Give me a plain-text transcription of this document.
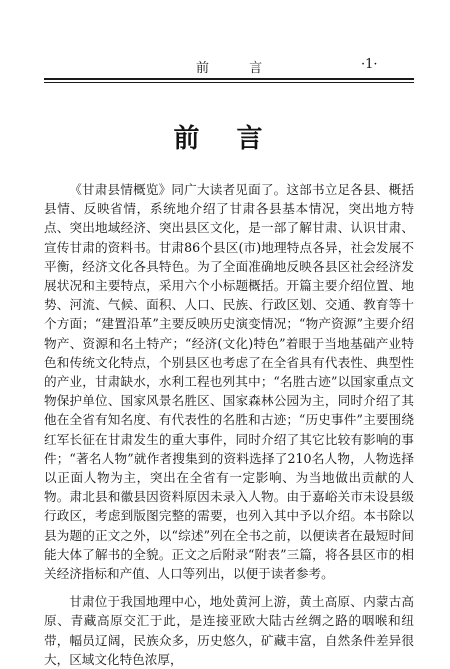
前 言	·1·
前 言

《甘肃县情概览》同广大读者见面了。这部书立足各县、概括县情、反映省情，系统地介绍了甘肃各县基本情况，突出地方特点、突出地域经济、突出县区文化，是一部了解甘肃、认识甘肃、宣传甘肃的资料书。甘肃86个县区(市)地理特点各异，社会发展不平衡，经济文化各具特色。为了全面准确地反映各县区社会经济发展状况和主要特点，采用六个小标题概括。开篇主要介绍位置、地势、河流、气候、面积、人口、民族、行政区划、交通、教育等十个方面；“建置沿革”主要反映历史演变情况；“物产资源”主要介绍物产、资源和名土特产；“经济(文化)特色”着眼于当地基础产业特色和传统文化特点，个别县区也考虑了在全省具有代表性、典型性的产业，甘肃缺水，水利工程也列其中；“名胜古迹”以国家重点文物保护单位、国家风景名胜区、国家森林公园为主，同时介绍了其他在全省有知名度、有代表性的名胜和古迹；“历史事件”主要围绕红军长征在甘肃发生的重大事件，同时介绍了其它比较有影响的事件；“著名人物”就作者搜集到的资料选择了210名人物，人物选择以正面人物为主，突出在全省有一定影响、为当地做出贡献的人物。肃北县和徽县因资料原因未录入人物。由于嘉峪关市未设县级行政区，考虑到版图完整的需要，也列入其中予以介绍。本书除以县为题的正文之外，以“综述”列在全书之前，以便读者在最短时间能大体了解书的全貌。正文之后附录“附表”三篇，将各县区市的相关经济指标和产值、人口等列出，以便于读者参考。

甘肃位于我国地理中心，地处黄河上游，黄土高原、内蒙古高原、青藏高原交汇于此，是连接亚欧大陆古丝绸之路的咽喉和纽带，幅员辽阔，民族众多，历史悠久，矿藏丰富，自然条件差异很大，区域文化特色浓厚，
